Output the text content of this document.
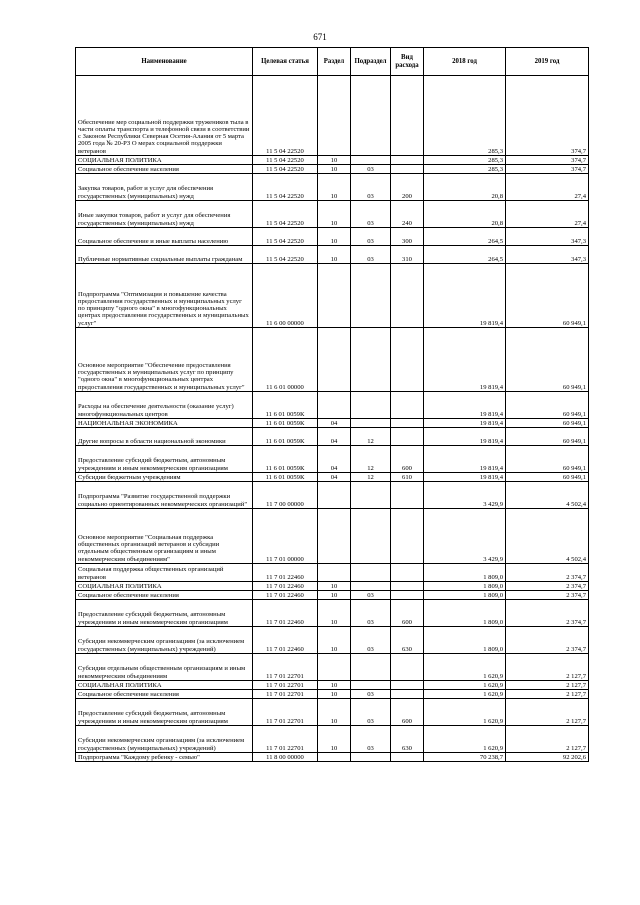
671
Наименование	Целевая статья	Раздел	Подраздел	Вид расхода	2018 год	2019 год
Обеспечение мер социальной поддержки тружеников тыла в части оплаты транспорта и телефонной связи в соответствии с Законом Республики Северная Осетия-Алания от 5 марта 2005 года № 20-РЗ О мерах социальной поддержки ветеранов	11 5 04 22520				285,3	374,7
СОЦИАЛЬНАЯ ПОЛИТИКА	11 5 04 22520	10			285,3	374,7
Социальное обеспечение населения	11 5 04 22520	10	03		285,3	374,7
Закупка товаров, работ и услуг для обеспечения государственных (муниципальных) нужд	11 5 04 22520	10	03	200	20,8	27,4
Иные закупки товаров, работ и услуг для обеспечения государственных (муниципальных) нужд	11 5 04 22520	10	03	240	20,8	27,4
Социальное обеспечение и иные выплаты населению	11 5 04 22520	10	03	300	264,5	347,3
Публичные нормативные социальные выплаты гражданам	11 5 04 22520	10	03	310	264,5	347,3
Подпрограмма "Оптимизация и повышение качества предоставления государственных и муниципальных услуг по принципу "одного окна" в многофункциональных центрах предоставления государственных и муниципальных услуг"	11 6 00 00000				19 819,4	60 949,1
Основное мероприятие "Обеспечение предоставления государственных и муниципальных услуг по принципу "одного окна" в многофункциональных центрах предоставления государственных и муниципальных услуг"	11 6 01 00000				19 819,4	60 949,1
Расходы на обеспечение деятельности (оказание услуг) многофункциональных центров	11 6 01 0059К				19 819,4	60 949,1
НАЦИОНАЛЬНАЯ ЭКОНОМИКА	11 6 01 0059К	04			19 819,4	60 949,1
Другие вопросы в области национальной экономики	11 6 01 0059К	04	12		19 819,4	60 949,1
Предоставление субсидий бюджетным, автономным учреждениям и иным некоммерческим организациям	11 6 01 0059К	04	12	600	19 819,4	60 949,1
Субсидии бюджетным учреждениям	11 6 01 0059К	04	12	610	19 819,4	60 949,1
Подпрограмма "Развитие государственной поддержки социально ориентированных некоммерческих организаций"	11 7 00 00000				3 429,9	4 502,4
Основное мероприятие "Социальная поддержка общественных организаций ветеранов и субсидии отдельным общественным организациям и иным некоммерческим объединениям"	11 7 01 00000				3 429,9	4 502,4
Социальная поддержка общественных организаций ветеранов	11 7 01 22460				1 809,0	2 374,7
СОЦИАЛЬНАЯ ПОЛИТИКА	11 7 01 22460	10			1 809,0	2 374,7
Социальное обеспечение населения	11 7 01 22460	10	03		1 809,0	2 374,7
Предоставление субсидий бюджетным, автономным учреждениям и иным некоммерческим организациям	11 7 01 22460	10	03	600	1 809,0	2 374,7
Субсидии некоммерческим организациям (за исключением государственных (муниципальных) учреждений)	11 7 01 22460	10	03	630	1 809,0	2 374,7
Субсидии отдельным общественным организациям и иным некоммерческим объединениям	11 7 01 22701				1 620,9	2 127,7
СОЦИАЛЬНАЯ ПОЛИТИКА	11 7 01 22701	10			1 620,9	2 127,7
Социальное обеспечение населения	11 7 01 22701	10	03		1 620,9	2 127,7
Предоставление субсидий бюджетным, автономным учреждениям и иным некоммерческим организациям	11 7 01 22701	10	03	600	1 620,9	2 127,7
Субсидии некоммерческим организациям (за исключением государственных (муниципальных) учреждений)	11 7 01 22701	10	03	630	1 620,9	2 127,7
Подпрограмма "Каждому ребенку - семью"	11 8 00 00000				70 238,7	92 202,6
